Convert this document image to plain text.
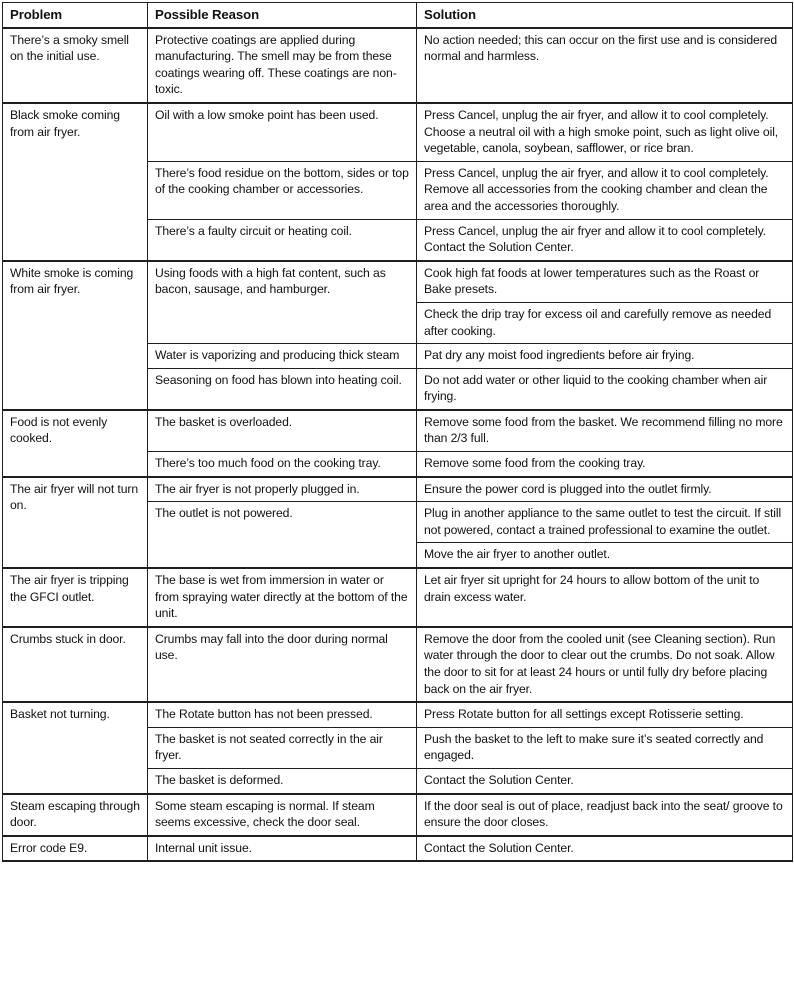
Problem	Possible Reason	Solution
There’s a smoky smell on the initial use.	Protective coatings are applied during manufacturing. The smell may be from these coatings wearing off. These coatings are non-toxic.	No action needed; this can occur on the first use and is considered normal and harmless.
Black smoke coming from air fryer.	Oil with a low smoke point has been used.	Press Cancel, unplug the air fryer, and allow it to cool completely. Choose a neutral oil with a high smoke point, such as light olive oil, vegetable, canola, soybean, safflower, or rice bran.
	There’s food residue on the bottom, sides or top of the cooking chamber or accessories.	Press Cancel, unplug the air fryer, and allow it to cool completely. Remove all accessories from the cooking chamber and clean the area and the accessories thoroughly.
	There’s a faulty circuit or heating coil.	Press Cancel, unplug the air fryer and allow it to cool completely. Contact the Solution Center.
White smoke is coming from air fryer.	Using foods with a high fat content, such as bacon, sausage, and hamburger.	Cook high fat foods at lower temperatures such as the Roast or Bake presets.
		Check the drip tray for excess oil and carefully remove as needed after cooking.
	Water is vaporizing and producing thick steam	Pat dry any moist food ingredients before air frying.
	Seasoning on food has blown into heating coil.	Do not add water or other liquid to the cooking chamber when air frying.
Food is not evenly cooked.	The basket is overloaded.	Remove some food from the basket. We recommend filling no more than 2/3 full.
	There’s too much food on the cooking tray.	Remove some food from the cooking tray.
The air fryer will not turn on.	The air fryer is not properly plugged in.	Ensure the power cord is plugged into the outlet firmly.
	The outlet is not powered.	Plug in another appliance to the same outlet to test the circuit. If still not powered, contact a trained professional to examine the outlet.
		Move the air fryer to another outlet.
The air fryer is tripping the GFCI outlet.	The base is wet from immersion in water or from spraying water directly at the bottom of the unit.	Let air fryer sit upright for 24 hours to allow bottom of the unit to drain excess water.
Crumbs stuck in door.	Crumbs may fall into the door during normal use.	Remove the door from the cooled unit (see Cleaning section). Run water through the door to clear out the crumbs. Do not soak. Allow the door to sit for at least 24 hours or until fully dry before placing back on the air fryer.
Basket not turning.	The Rotate button has not been pressed.	Press Rotate button for all settings except Rotisserie setting.
	The basket is not seated correctly in the air fryer.	Push the basket to the left to make sure it’s seated correctly and engaged.
	The basket is deformed.	Contact the Solution Center.
Steam escaping through door.	Some steam escaping is normal. If steam seems excessive, check the door seal.	If the door seal is out of place, readjust back into the seat/ groove to ensure the door closes.
Error code E9.	Internal unit issue.	Contact the Solution Center.
